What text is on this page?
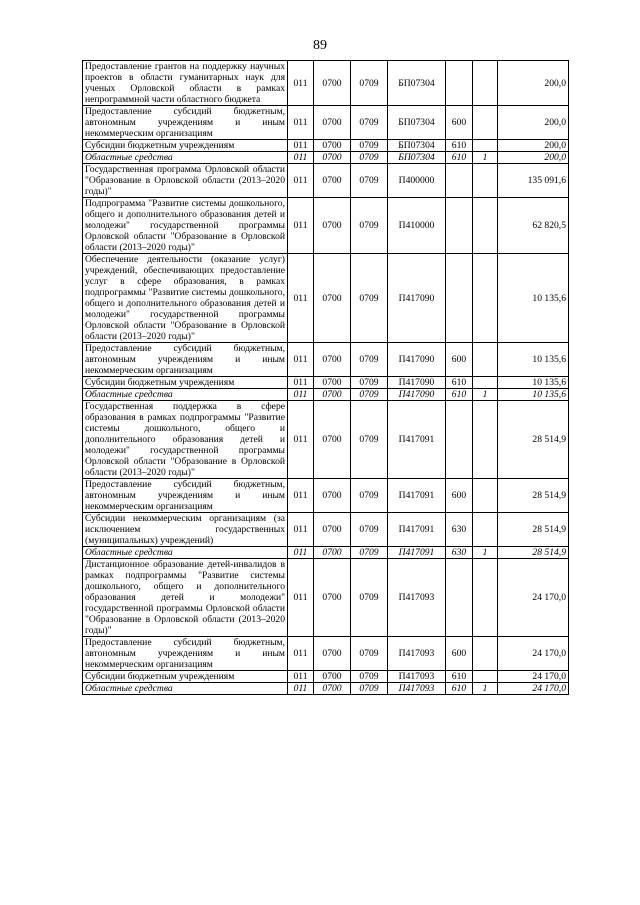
89
Предоставление грантов на поддержку научных проектов в области гуманитарных наук для ученых Орловской области в рамках непрограммной части областного бюджета	011	0700	0709	БП07304			200,0
Предоставление субсидий бюджетным, автономным учреждениям и иным некоммерческим организациям	011	0700	0709	БП07304	600		200,0
Субсидии бюджетным учреждениям	011	0700	0709	БП07304	610		200,0
Областные средства	011	0700	0709	БП07304	610	1	200,0
Государственная программа Орловской области "Образование в Орловской области (2013–2020 годы)"	011	0700	0709	П400000			135 091,6
Подпрограмма "Развитие системы дошкольного, общего и дополнительного образования детей и молодежи" государственной программы Орловской области "Образование в Орловской области (2013–2020 годы)"	011	0700	0709	П410000			62 820,5
Обеспечение деятельности (оказание услуг) учреждений, обеспечивающих предоставление услуг в сфере образования, в рамках подпрограммы "Развитие системы дошкольного, общего и дополнительного образования детей и молодежи" государственной программы Орловской области "Образование в Орловской области (2013–2020 годы)"	011	0700	0709	П417090			10 135,6
Предоставление субсидий бюджетным, автономным учреждениям и иным некоммерческим организациям	011	0700	0709	П417090	600		10 135,6
Субсидии бюджетным учреждениям	011	0700	0709	П417090	610		10 135,6
Областные средства	011	0700	0709	П417090	610	1	10 135,6
Государственная поддержка в сфере образования в рамках подпрограммы "Развитие системы дошкольного, общего и дополнительного образования детей и молодежи" государственной программы Орловской области "Образование в Орловской области (2013–2020 годы)"	011	0700	0709	П417091			28 514,9
Предоставление субсидий бюджетным, автономным учреждениям и иным некоммерческим организациям	011	0700	0709	П417091	600		28 514,9
Субсидии некоммерческим организациям (за исключением государственных (муниципальных) учреждений)	011	0700	0709	П417091	630		28 514,9
Областные средства	011	0700	0709	П417091	630	1	28 514,9
Дистанционное образование детей-инвалидов в рамках подпрограммы "Развитие системы дошкольного, общего и дополнительного образования детей и молодежи" государственной программы Орловской области "Образование в Орловской области (2013–2020 годы)"	011	0700	0709	П417093			24 170,0
Предоставление субсидий бюджетным, автономным учреждениям и иным некоммерческим организациям	011	0700	0709	П417093	600		24 170,0
Субсидии бюджетным учреждениям	011	0700	0709	П417093	610		24 170,0
Областные средства	011	0700	0709	П417093	610	1	24 170,0
